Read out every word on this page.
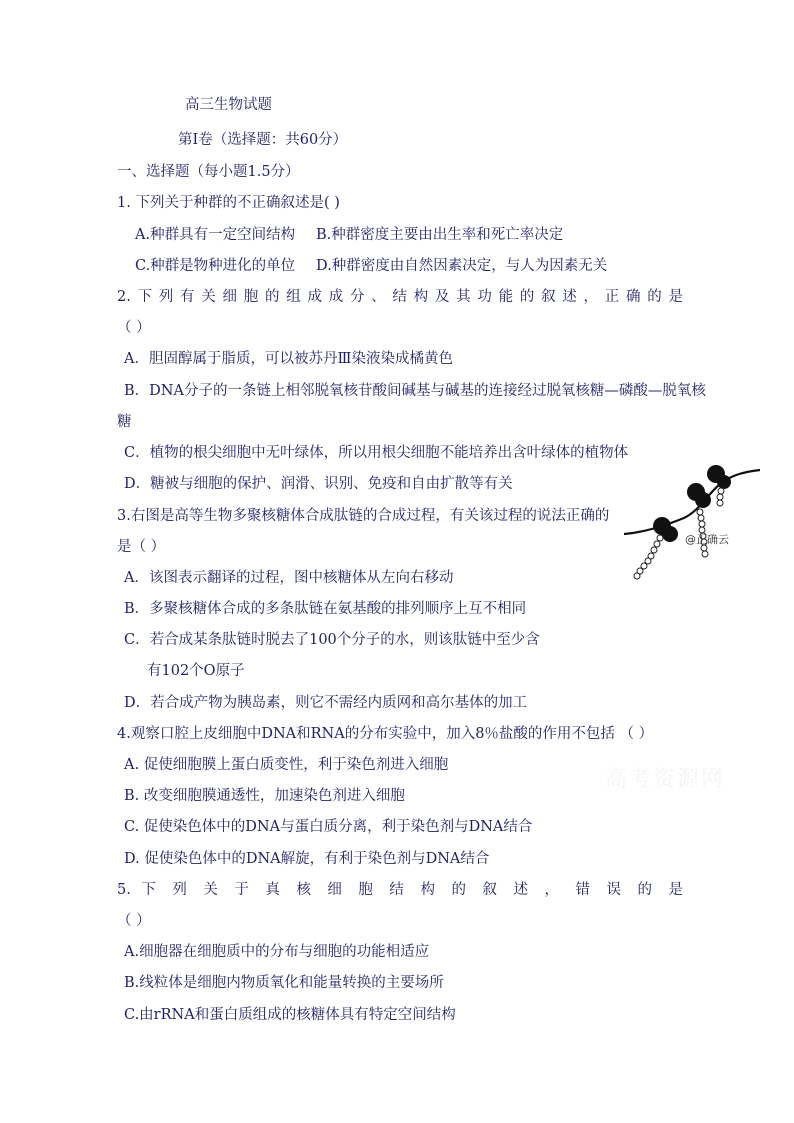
高三生物试题
第Ⅰ卷（选择题：共60分）
一、选择题（每小题1.5分）
1. 下列关于种群的不正确叙述是( )
A.种群具有一定空间结构 B.种群密度主要由出生率和死亡率决定
C.种群是物种进化的单位 D.种群密度由自然因素决定，与人为因素无关
2.下列有关细胞的组成成分、结构及其功能的叙述，正确的是
（ ）
A．胆固醇属于脂质，可以被苏丹Ⅲ染液染成橘黄色
B．DNA分子的一条链上相邻脱氧核苷酸间碱基与碱基的连接经过脱氧核糖—磷酸—脱氧核
糖
C．植物的根尖细胞中无叶绿体，所以用根尖细胞不能培养出含叶绿体的植物体
D．糖被与细胞的保护、润滑、识别、免疫和自由扩散等有关
3.右图是高等生物多聚核糖体合成肽链的合成过程，有关该过程的说法正确的
是（ ）
A．该图表示翻译的过程，图中核糖体从左向右移动
B．多聚核糖体合成的多条肽链在氨基酸的排列顺序上互不相同
C．若合成某条肽链时脱去了100个分子的水，则该肽链中至少含
有102个O原子
D．若合成产物为胰岛素，则它不需经内质网和高尔基体的加工
@正确云
4.观察口腔上皮细胞中DNA和RNA的分布实验中，加入8％盐酸的作用不包括 （ ）
A. 促使细胞膜上蛋白质变性，利于染色剂进入细胞
B. 改变细胞膜通透性，加速染色剂进入细胞
C. 促使染色体中的DNA与蛋白质分离，利于染色剂与DNA结合
D. 促使染色体中的DNA解旋，有利于染色剂与DNA结合
5. 下 列 关 于 真 核 细 胞 结 构 的 叙 述 ， 错 误 的 是
（ ）
A.细胞器在细胞质中的分布与细胞的功能相适应
B.线粒体是细胞内物质氧化和能量转换的主要场所
C.由rRNA和蛋白质组成的核糖体具有特定空间结构
高考资源网
